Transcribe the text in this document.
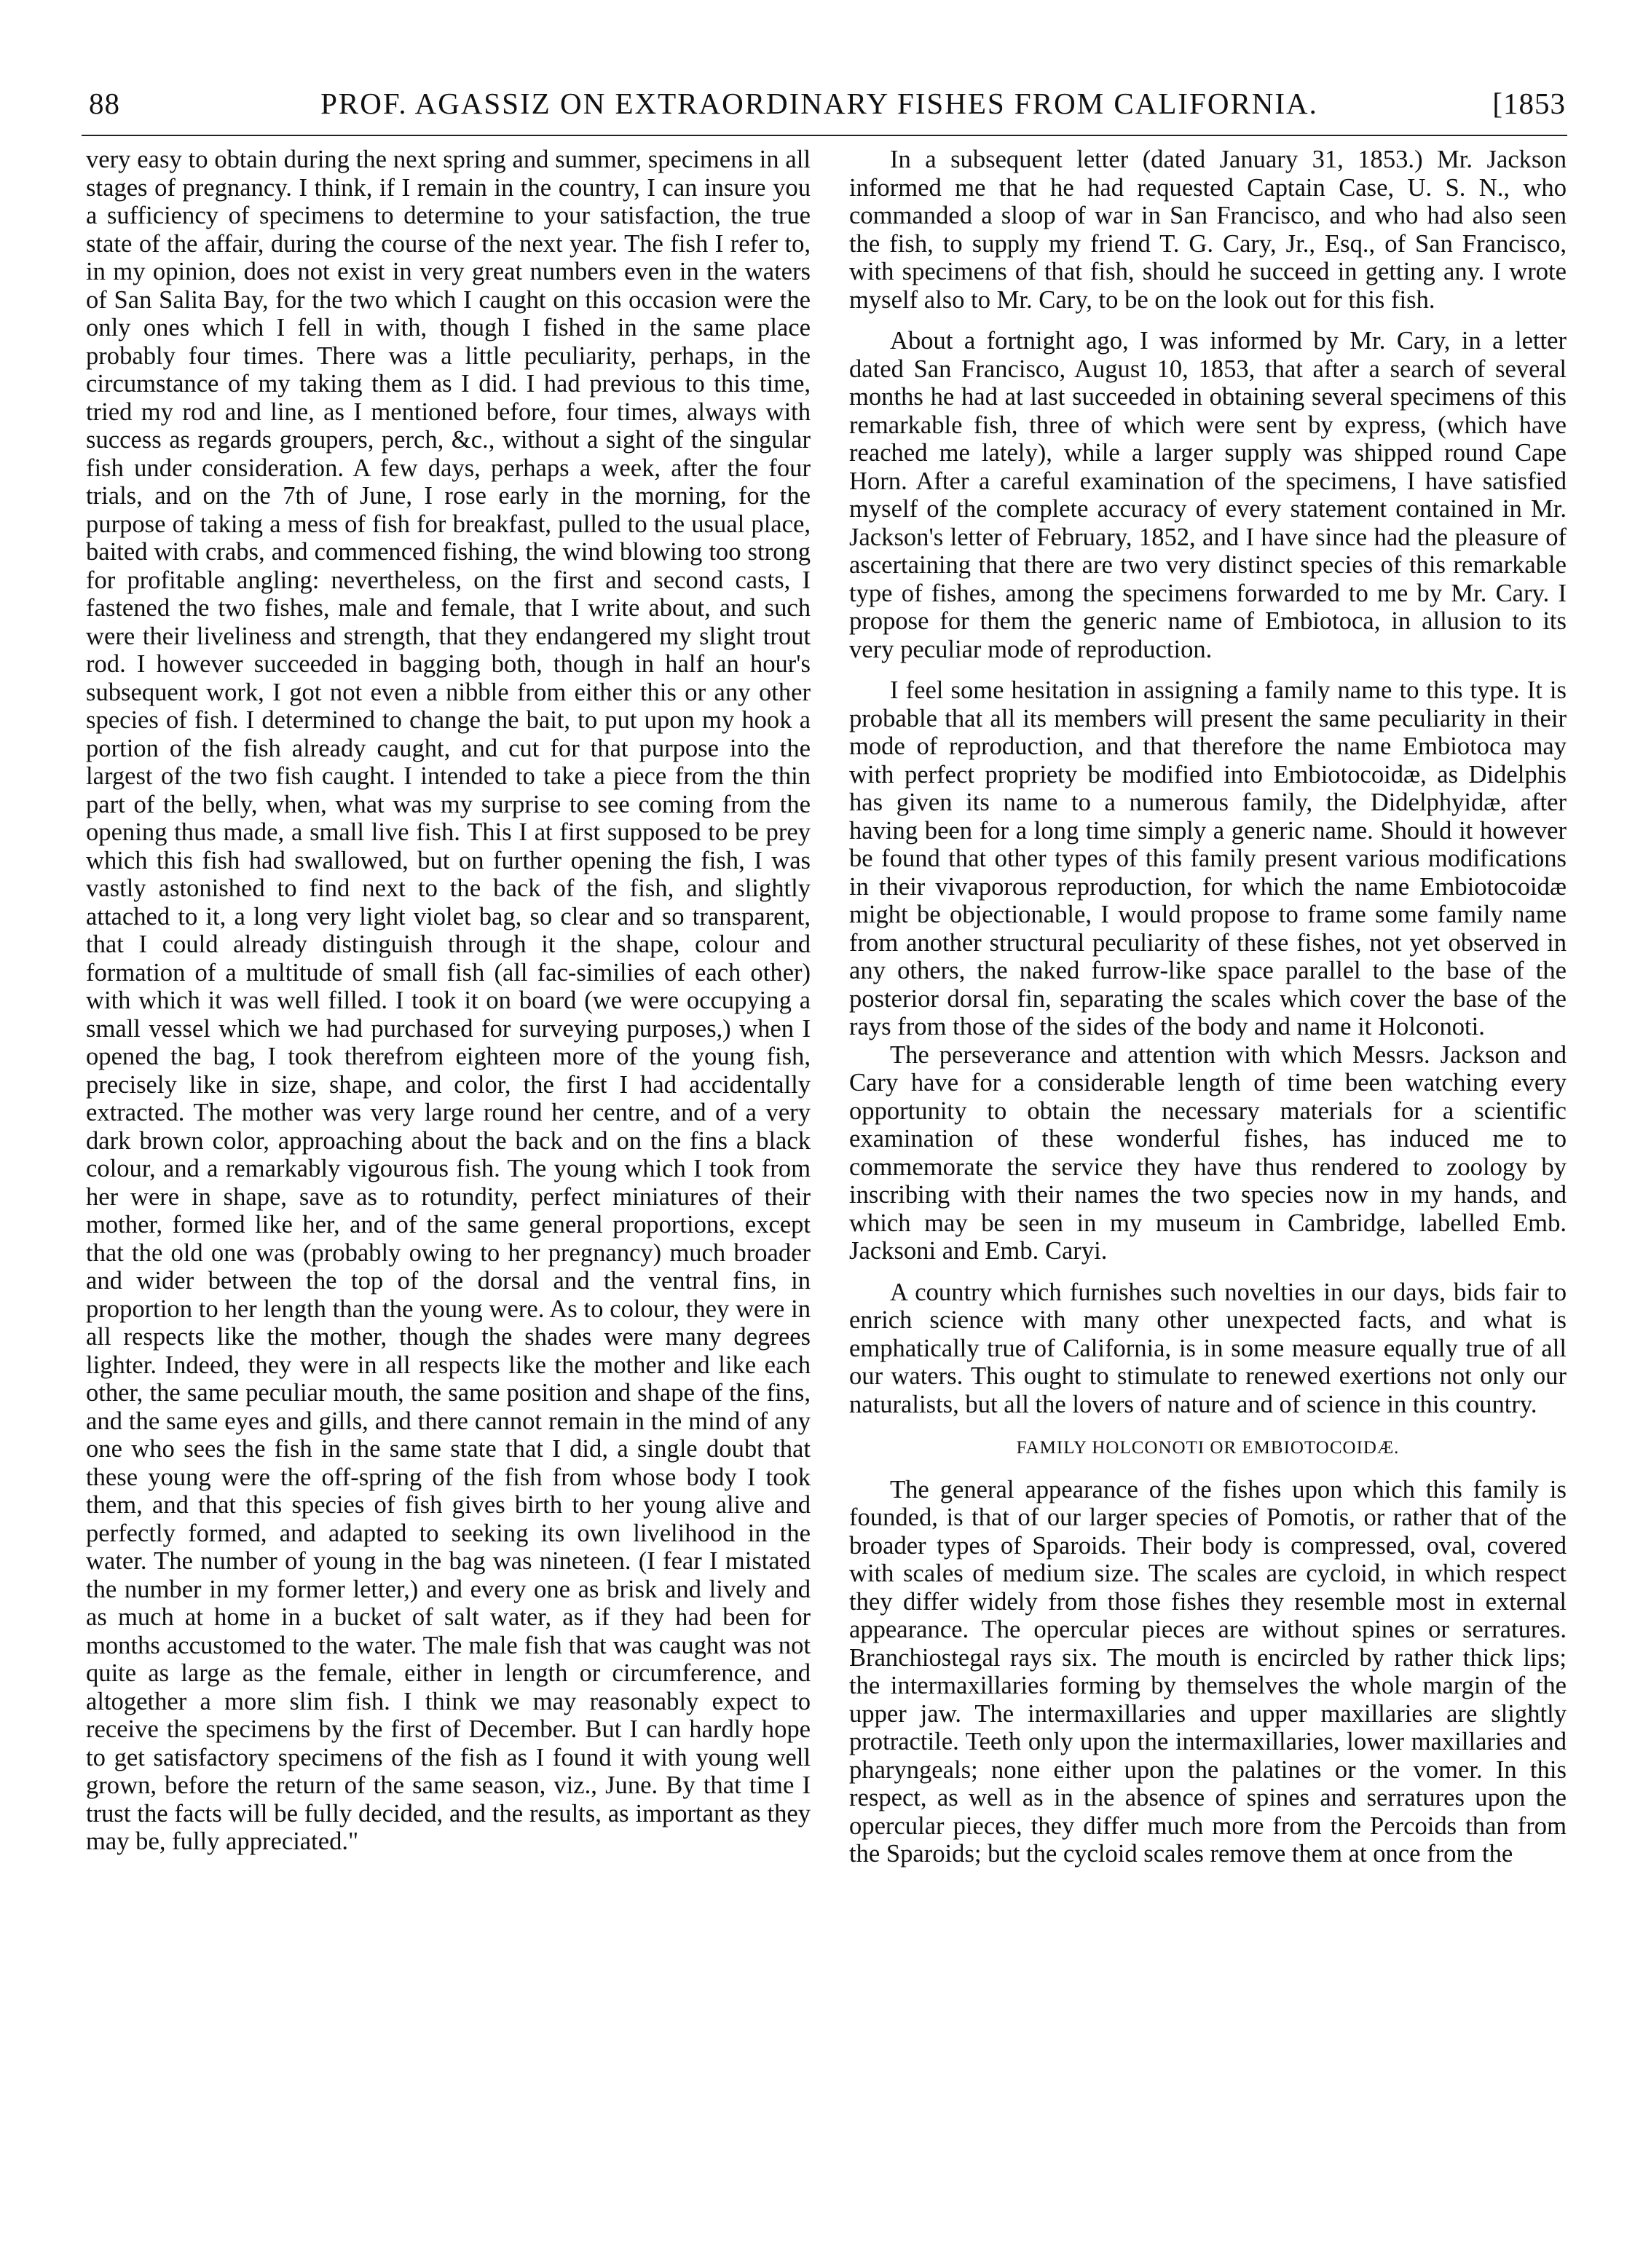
88	PROF. AGASSIZ ON EXTRAORDINARY FISHES FROM CALIFORNIA.	[1853

very easy to obtain during the next spring and summer, specimens in all stages of pregnancy. I think, if I remain in the country, I can insure you a sufficiency of specimens to determine to your satisfaction, the true state of the affair, during the course of the next year. The fish I refer to, in my opinion, does not exist in very great numbers even in the waters of San Salita Bay, for the two which I caught on this occasion were the only ones which I fell in with, though I fished in the same place probably four times. There was a little peculiarity, perhaps, in the circumstance of my taking them as I did. I had previous to this time, tried my rod and line, as I mentioned before, four times, always with success as regards groupers, perch, &c., without a sight of the singular fish under consideration. A few days, perhaps a week, after the four trials, and on the 7th of June, I rose early in the morning, for the purpose of taking a mess of fish for breakfast, pulled to the usual place, baited with crabs, and commenced fishing, the wind blowing too strong for profitable angling: nevertheless, on the first and second casts, I fastened the two fishes, male and female, that I write about, and such were their liveliness and strength, that they endangered my slight trout rod. I however succeeded in bagging both, though in half an hour's subsequent work, I got not even a nibble from either this or any other species of fish. I determined to change the bait, to put upon my hook a portion of the fish already caught, and cut for that purpose into the largest of the two fish caught. I intended to take a piece from the thin part of the belly, when, what was my surprise to see coming from the opening thus made, a small live fish. This I at first supposed to be prey which this fish had swallowed, but on further opening the fish, I was vastly astonished to find next to the back of the fish, and slightly attached to it, a long very light violet bag, so clear and so transparent, that I could already distinguish through it the shape, colour and formation of a multitude of small fish (all fac-similies of each other) with which it was well filled. I took it on board (we were occupying a small vessel which we had purchased for surveying purposes,) when I opened the bag, I took therefrom eighteen more of the young fish, precisely like in size, shape, and color, the first I had accidentally extracted. The mother was very large round her centre, and of a very dark brown color, approaching about the back and on the fins a black colour, and a remarkably vigourous fish. The young which I took from her were in shape, save as to rotundity, perfect miniatures of their mother, formed like her, and of the same general proportions, except that the old one was (probably owing to her pregnancy) much broader and wider between the top of the dorsal and the ventral fins, in proportion to her length than the young were. As to colour, they were in all respects like the mother, though the shades were many degrees lighter. Indeed, they were in all respects like the mother and like each other, the same peculiar mouth, the same position and shape of the fins, and the same eyes and gills, and there cannot remain in the mind of any one who sees the fish in the same state that I did, a single doubt that these young were the off-spring of the fish from whose body I took them, and that this species of fish gives birth to her young alive and perfectly formed, and adapted to seeking its own livelihood in the water. The number of young in the bag was nineteen. (I fear I mistated the number in my former letter,) and every one as brisk and lively and as much at home in a bucket of salt water, as if they had been for months accustomed to the water. The male fish that was caught was not quite as large as the female, either in length or circumference, and altogether a more slim fish. I think we may reasonably expect to receive the specimens by the first of December. But I can hardly hope to get satisfactory specimens of the fish as I found it with young well grown, before the return of the same season, viz., June. By that time I trust the facts will be fully decided, and the results, as important as they may be, fully appreciated."

In a subsequent letter (dated January 31, 1853.) Mr. Jackson informed me that he had requested Captain Case, U. S. N., who commanded a sloop of war in San Francisco, and who had also seen the fish, to supply my friend T. G. Cary, Jr., Esq., of San Francisco, with specimens of that fish, should he succeed in getting any. I wrote myself also to Mr. Cary, to be on the look out for this fish.

About a fortnight ago, I was informed by Mr. Cary, in a letter dated San Francisco, August 10, 1853, that after a search of several months he had at last succeeded in obtaining several specimens of this remarkable fish, three of which were sent by express, (which have reached me lately), while a larger supply was shipped round Cape Horn. After a careful examination of the specimens, I have satisfied myself of the complete accuracy of every statement contained in Mr. Jackson's letter of February, 1852, and I have since had the pleasure of ascertaining that there are two very distinct species of this remarkable type of fishes, among the specimens forwarded to me by Mr. Cary. I propose for them the generic name of Embiotoca, in allusion to its very peculiar mode of reproduction.

I feel some hesitation in assigning a family name to this type. It is probable that all its members will present the same peculiarity in their mode of reproduction, and that therefore the name Embiotoca may with perfect propriety be modified into Embiotocoidæ, as Didelphis has given its name to a numerous family, the Didelphyidæ, after having been for a long time simply a generic name. Should it however be found that other types of this family present various modifications in their vivaporous reproduction, for which the name Embiotocoidæ might be objectionable, I would propose to frame some family name from another structural peculiarity of these fishes, not yet observed in any others, the naked furrow-like space parallel to the base of the posterior dorsal fin, separating the scales which cover the base of the rays from those of the sides of the body and name it Holconoti.

The perseverance and attention with which Messrs. Jackson and Cary have for a considerable length of time been watching every opportunity to obtain the necessary materials for a scientific examination of these wonderful fishes, has induced me to commemorate the service they have thus rendered to zoology by inscribing with their names the two species now in my hands, and which may be seen in my museum in Cambridge, labelled Emb. Jacksoni and Emb. Caryi.

A country which furnishes such novelties in our days, bids fair to enrich science with many other unexpected facts, and what is emphatically true of California, is in some measure equally true of all our waters. This ought to stimulate to renewed exertions not only our naturalists, but all the lovers of nature and of science in this country.

FAMILY HOLCONOTI OR EMBIOTOCOIDÆ.

The general appearance of the fishes upon which this family is founded, is that of our larger species of Pomotis, or rather that of the broader types of Sparoids. Their body is compressed, oval, covered with scales of medium size. The scales are cycloid, in which respect they differ widely from those fishes they resemble most in external appearance. The opercular pieces are without spines or serratures. Branchiostegal rays six. The mouth is encircled by rather thick lips; the intermaxillaries forming by themselves the whole margin of the upper jaw. The intermaxillaries and upper maxillaries are slightly protractile. Teeth only upon the intermaxillaries, lower maxillaries and pharyngeals; none either upon the palatines or the vomer. In this respect, as well as in the absence of spines and serratures upon the opercular pieces, they differ much more from the Percoids than from the Sparoids; but the cycloid scales remove them at once from the
